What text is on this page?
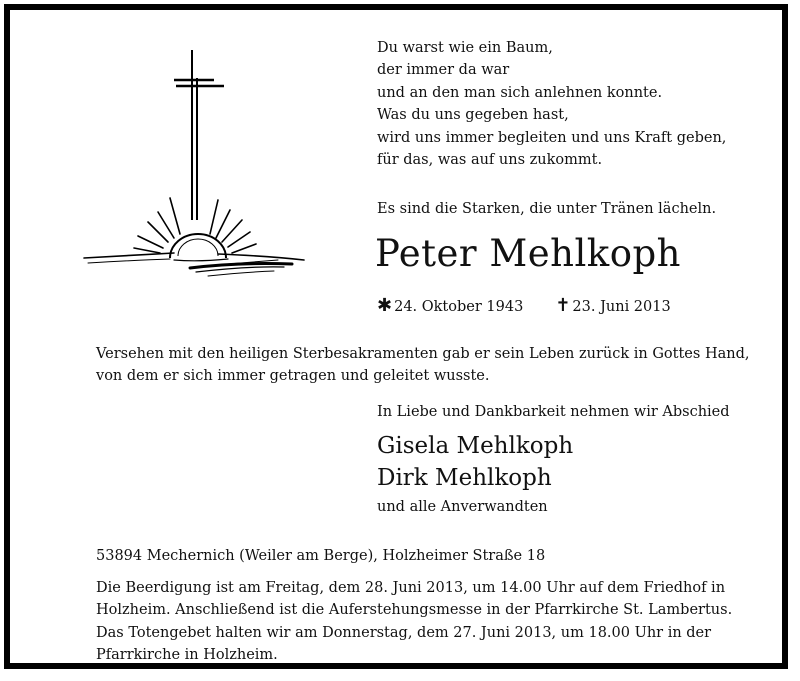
Du warst wie ein Baum,
der immer da war
und an den man sich anlehnen konnte.
Was du uns gegeben hast,
wird uns immer begleiten und uns Kraft geben,
für das, was auf uns zukommt.
Es sind die Starken, die unter Tränen lächeln.
Peter Mehlkoph
✱ 24. Oktober 1943 ✝ 23. Juni 2013
Versehen mit den heiligen Sterbesakramenten gab er sein Leben zurück in Gottes Hand,
von dem er sich immer getragen und geleitet wusste.
In Liebe und Dankbarkeit nehmen wir Abschied
Gisela Mehlkoph
Dirk Mehlkoph
und alle Anverwandten
53894 Mechernich (Weiler am Berge), Holzheimer Straße 18
Die Beerdigung ist am Freitag, dem 28. Juni 2013, um 14.00 Uhr auf dem Friedhof in
Holzheim. Anschließend ist die Auferstehungsmesse in der Pfarrkirche St. Lambertus.
Das Totengebet halten wir am Donnerstag, dem 27. Juni 2013, um 18.00 Uhr in der
Pfarrkirche in Holzheim.
